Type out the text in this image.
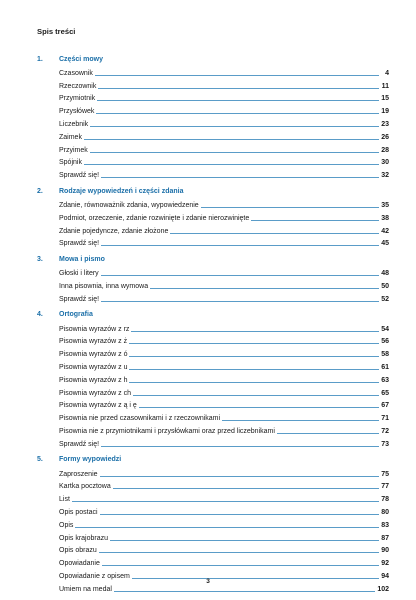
Spis treści
1.	Części mowy
Czasownik	4
Rzeczownik	11
Przymiotnik	15
Przysłówek	19
Liczebnik	23
Zaimek	26
Przyimek	28
Spójnik	30
Sprawdź się!	32
2.	Rodzaje wypowiedzeń i części zdania
Zdanie, równoważnik zdania, wypowiedzenie	35
Podmiot, orzeczenie, zdanie rozwinięte i zdanie nierozwinięte	38
Zdanie pojedyncze, zdanie złożone	42
Sprawdź się!	45
3.	Mowa i pismo
Głoski i litery	48
Inna pisownia, inna wymowa	50
Sprawdź się!	52
4.	Ortografia
Pisownia wyrazów z rz	54
Pisownia wyrazów z ż	56
Pisownia wyrazów z ó	58
Pisownia wyrazów z u	61
Pisownia wyrazów z h	63
Pisownia wyrazów z ch	65
Pisownia wyrazów z ą i ę	67
Pisownia nie przed czasownikami i z rzeczownikami	71
Pisownia nie z przymiotnikami i przysłówkami oraz przed liczebnikami	72
Sprawdź się!	73
5.	Formy wypowiedzi
Zaproszenie	75
Kartka pocztowa	77
List	78
Opis postaci	80
Opis	83
Opis krajobrazu	87
Opis obrazu	90
Opowiadanie	92
Opowiadanie z opisem	94
Umiem na medal	102
3
